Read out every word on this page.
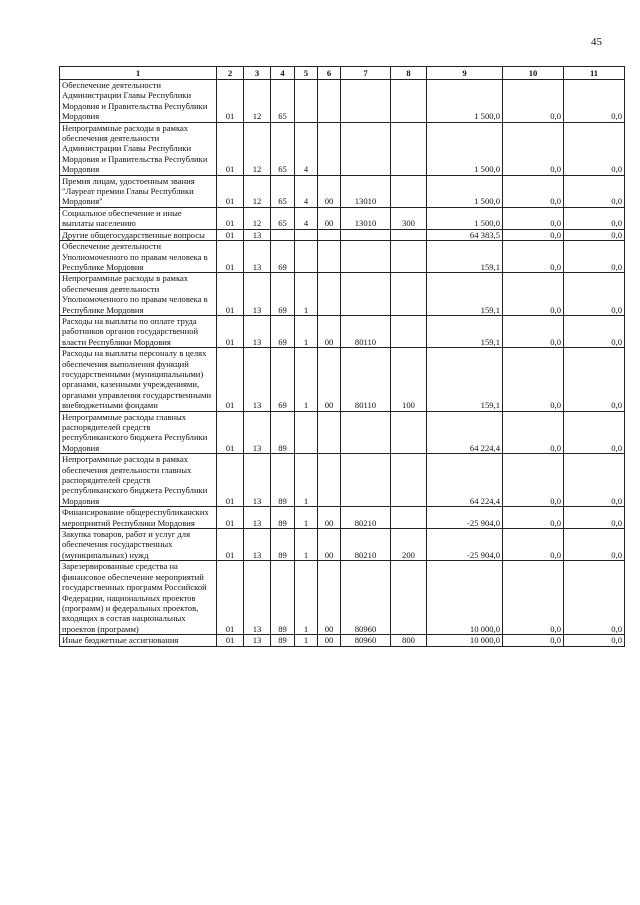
45
1	2	3	4	5	6	7	8	9	10	11
Обеспечение деятельности Администрации Главы Республики Мордовия и Правительства Республики Мордовия	01	12	65					1 500,0	0,0	0,0
Непрограммные расходы в рамках обеспечения деятельности Администрации Главы Республики Мордовия и Правительства Республики Мордовия	01	12	65	4				1 500,0	0,0	0,0
Премия лицам, удостоенным звания "Лауреат премии Главы Республики Мордовия"	01	12	65	4	00	13010		1 500,0	0,0	0,0
Социальное обеспечение и иные выплаты населению	01	12	65	4	00	13010	300	1 500,0	0,0	0,0
Другие общегосударственные вопросы	01	13						64 383,5	0,0	0,0
Обеспечение деятельности Уполномоченного по правам человека в Республике Мордовия	01	13	69					159,1	0,0	0,0
Непрограммные расходы в рамках обеспечения деятельности Уполномоченного по правам человека в Республике Мордовия	01	13	69	1				159,1	0,0	0,0
Расходы на выплаты по оплате труда работников органов государственной власти Республики Мордовия	01	13	69	1	00	80110		159,1	0,0	0,0
Расходы на выплаты персоналу в целях обеспечения выполнения функций государственными (муниципальными) органами, казенными учреждениями, органами управления государственными внебюджетными фондами	01	13	69	1	00	80110	100	159,1	0,0	0,0
Непрограммные расходы главных распорядителей средств республиканского бюджета Республики Мордовия	01	13	89					64 224,4	0,0	0,0
Непрограммные расходы в рамках обеспечения деятельности главных распорядителей средств республиканского бюджета Республики Мордовия	01	13	89	1				64 224,4	0,0	0,0
Финансирование общереспубликанских мероприятий Республики Мордовия	01	13	89	1	00	80210		-25 904,0	0,0	0,0
Закупка товаров, работ и услуг для обеспечения государственных (муниципальных) нужд	01	13	89	1	00	80210	200	-25 904,0	0,0	0,0
Зарезервированные средства на финансовое обеспечение мероприятий государственных программ Российской Федерации, национальных проектов (программ) и федеральных проектов, входящих в состав национальных проектов (программ)	01	13	89	1	00	80960		10 000,0	0,0	0,0
Иные бюджетные ассигнования	01	13	89	1	00	80960	800	10 000,0	0,0	0,0
